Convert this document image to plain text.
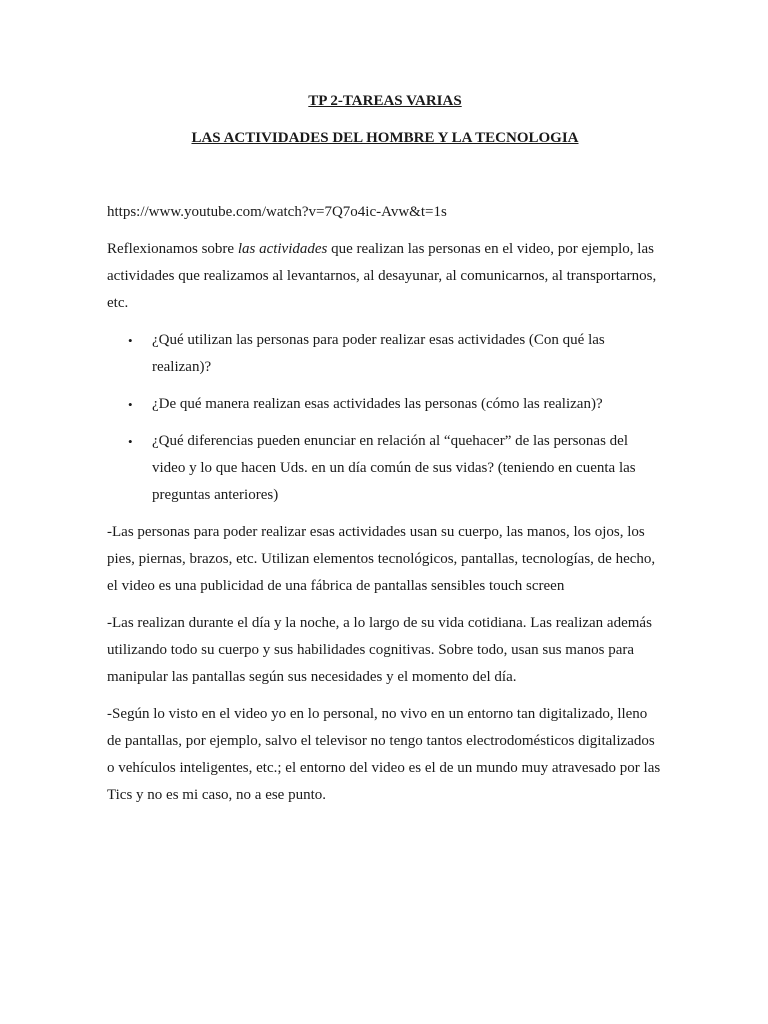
TP 2-TAREAS VARIAS
LAS ACTIVIDADES DEL HOMBRE Y LA TECNOLOGIA

https://www.youtube.com/watch?v=7Q7o4ic-Avw&t=1s

Reflexionamos sobre las actividades que realizan las personas en el video, por ejemplo, las actividades que realizamos al levantarnos, al desayunar, al comunicarnos, al transportarnos, etc.

• ¿Qué utilizan las personas para poder realizar esas actividades (Con qué las realizan)?
• ¿De qué manera realizan esas actividades las personas (cómo las realizan)?
• ¿Qué diferencias pueden enunciar en relación al “quehacer” de las personas del video y lo que hacen Uds. en un día común de sus vidas? (teniendo en cuenta las preguntas anteriores)

-Las personas para poder realizar esas actividades usan su cuerpo, las manos, los ojos, los pies, piernas, brazos, etc. Utilizan elementos tecnológicos, pantallas, tecnologías, de hecho, el video es una publicidad de una fábrica de pantallas sensibles touch screen

-Las realizan durante el día y la noche, a lo largo de su vida cotidiana. Las realizan además utilizando todo su cuerpo y sus habilidades cognitivas. Sobre todo, usan sus manos para manipular las pantallas según sus necesidades y el momento del día.

-Según lo visto en el video yo en lo personal, no vivo en un entorno tan digitalizado, lleno de pantallas, por ejemplo, salvo el televisor no tengo tantos electrodomésticos digitalizados o vehículos inteligentes, etc.; el entorno del video es el de un mundo muy atravesado por las Tics y no es mi caso, no a ese punto.
